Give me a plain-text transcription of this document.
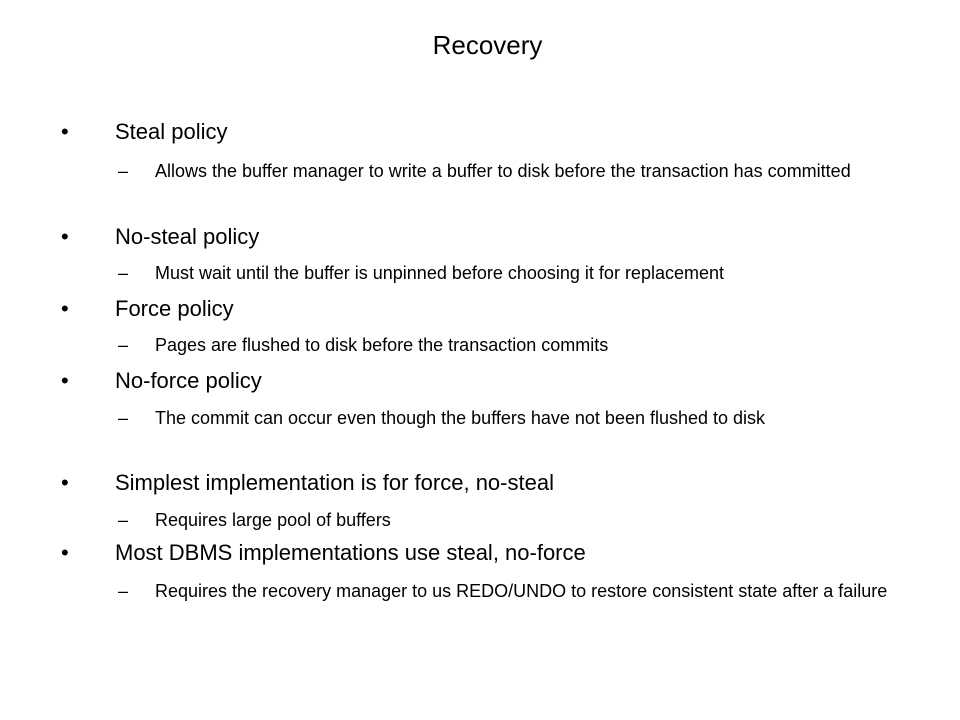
Recovery
• Steal policy
– Allows the buffer manager to write a buffer to disk before the transaction has committed
• No-steal policy
– Must wait until the buffer is unpinned before choosing it for replacement
• Force policy
– Pages are flushed to disk before the transaction commits
• No-force policy
– The commit can occur even though the buffers have not been flushed to disk
• Simplest implementation is for force, no-steal
– Requires large pool of buffers
• Most DBMS implementations use steal, no-force
– Requires the recovery manager to us REDO/UNDO to restore consistent state after a failure
